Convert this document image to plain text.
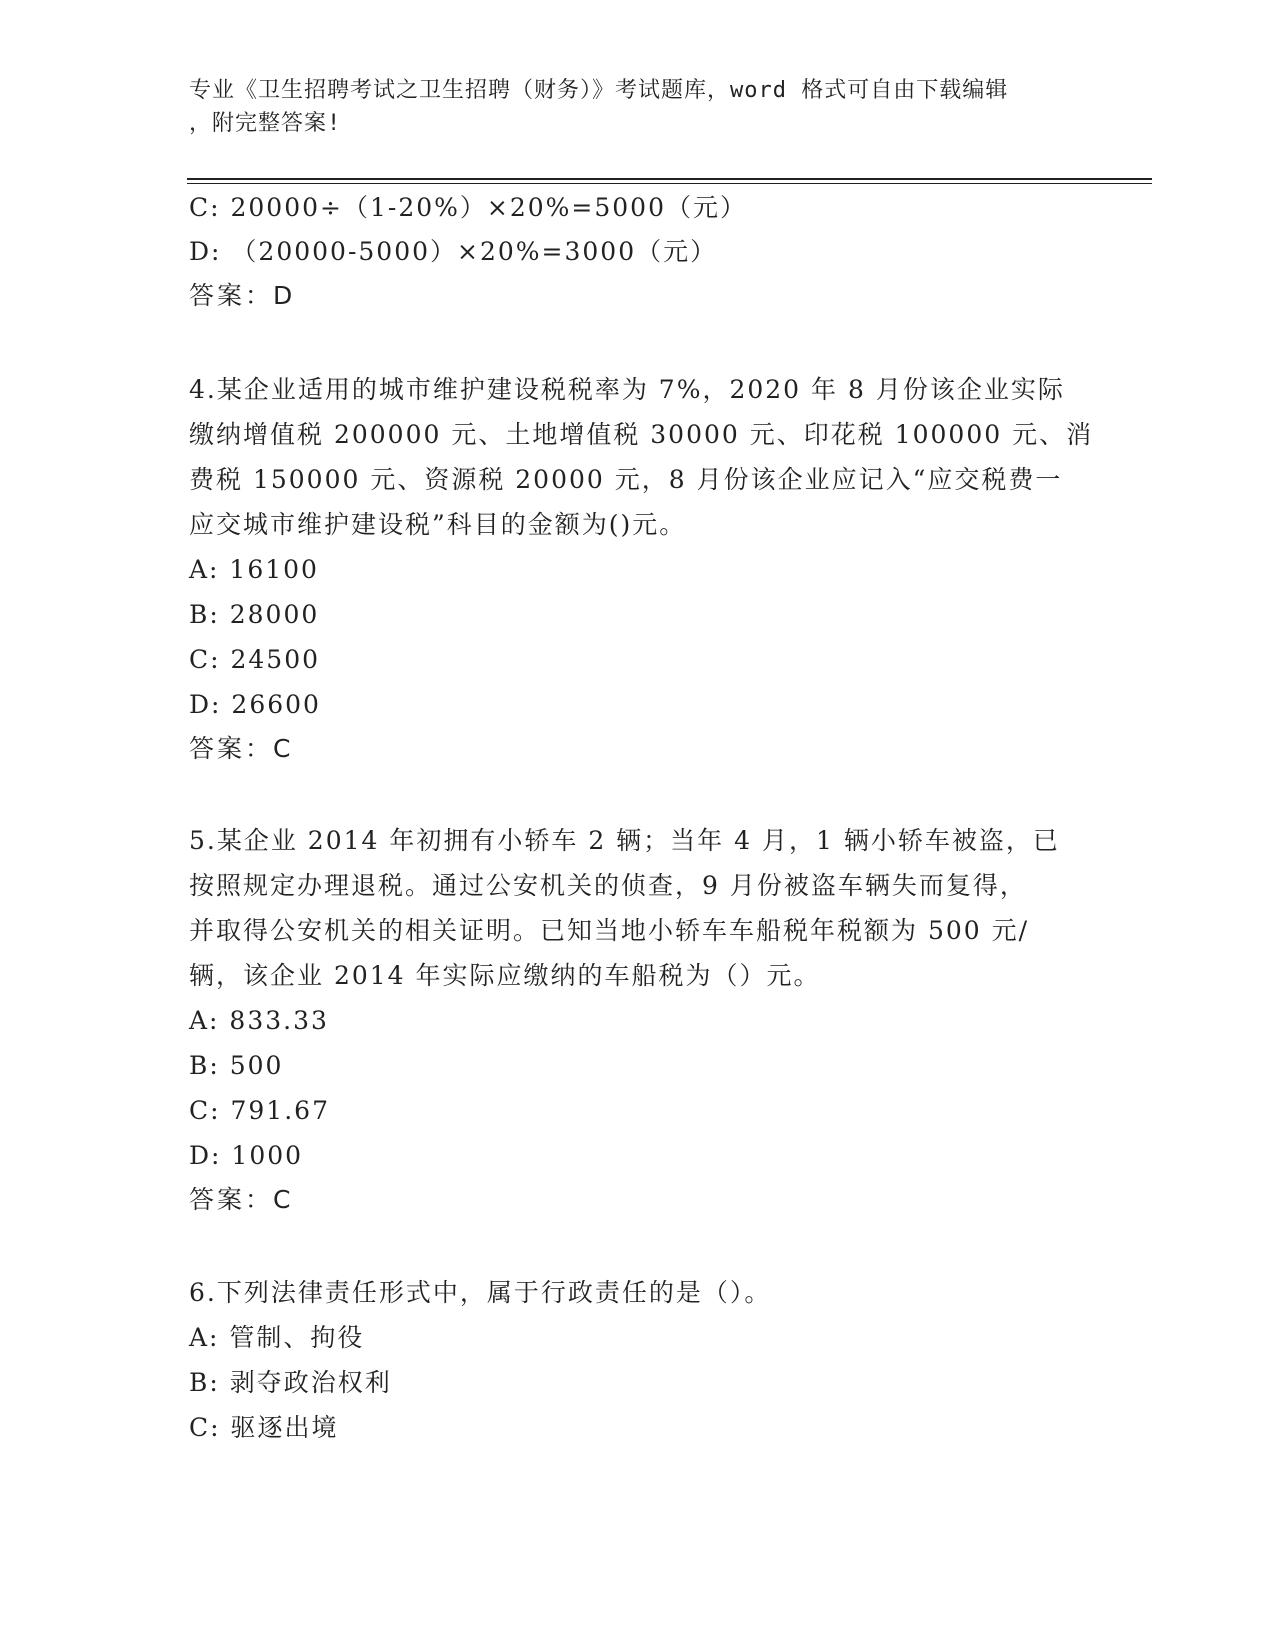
专业《卫生招聘考试之卫生招聘（财务）》考试题库，word 格式可自由下载编辑
，附完整答案!
C: 20000÷（1-20%）×20%=5000（元）
D: （20000-5000）×20%=3000（元）
答案：D
4.某企业适用的城市维护建设税税率为 7%，2020 年 8 月份该企业实际
缴纳增值税 200000 元、土地增值税 30000 元、印花税 100000 元、消
费税 150000 元、资源税 20000 元，8 月份该企业应记入“应交税费一
应交城市维护建设税”科目的金额为()元。
A: 16100
B: 28000
C: 24500
D: 26600
答案：C
5.某企业 2014 年初拥有小轿车 2 辆；当年 4 月，1 辆小轿车被盗，已
按照规定办理退税。通过公安机关的侦查，9 月份被盗车辆失而复得，
并取得公安机关的相关证明。已知当地小轿车车船税年税额为 500 元/
辆，该企业 2014 年实际应缴纳的车船税为（）元。
A: 833.33
B: 500
C: 791.67
D: 1000
答案：C
6.下列法律责任形式中，属于行政责任的是（）。
A: 管制、拘役
B: 剥夺政治权利
C: 驱逐出境
